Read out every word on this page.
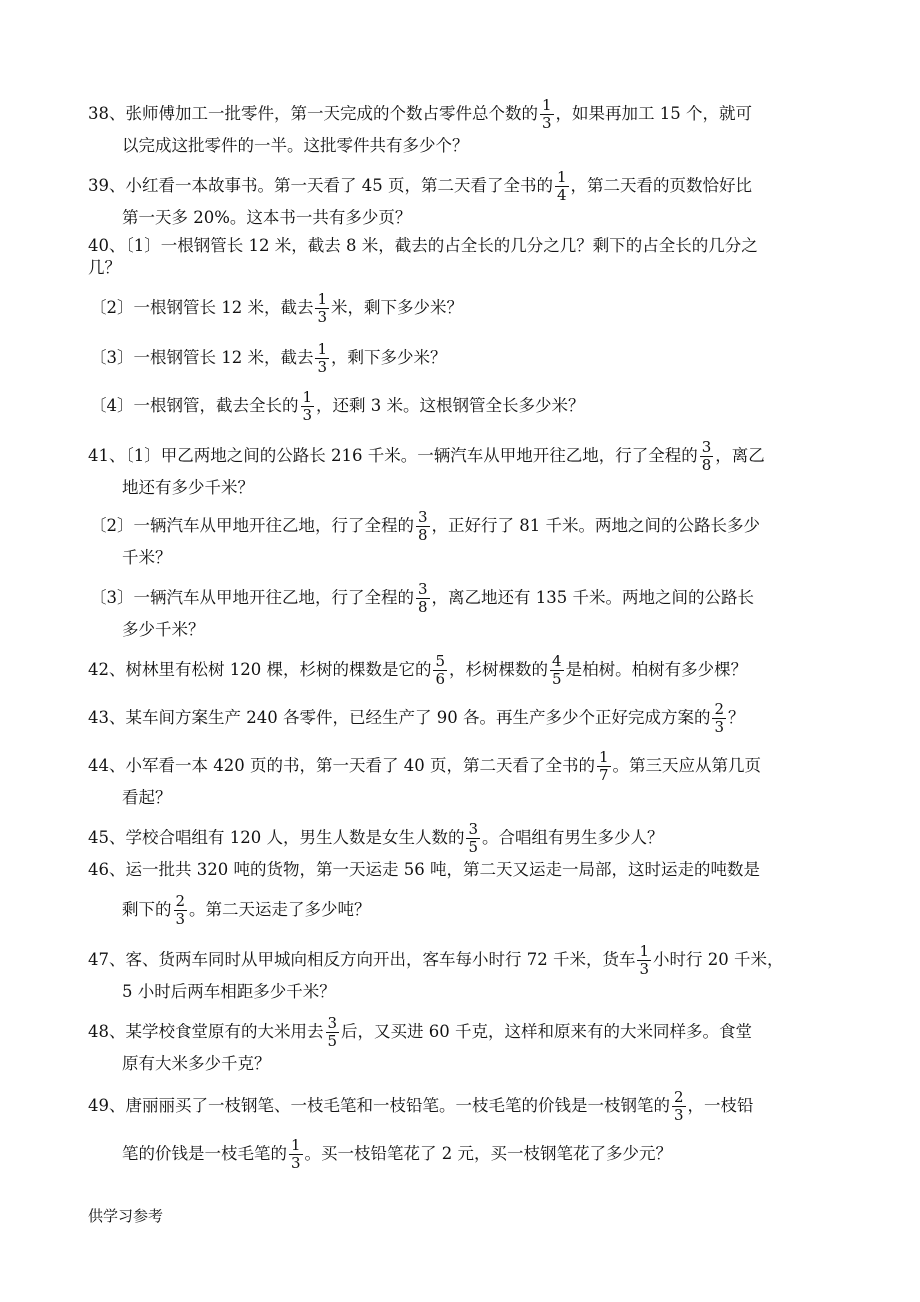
38、张师傅加工一批零件，第一天完成的个数占零件总个数的 $\frac{1}{3}$ ，如果再加工 15 个，就可
以完成这批零件的一半。这批零件共有多少个？
39、小红看一本故事书。第一天看了 45 页，第二天看了全书的 $\frac{1}{4}$ ，第二天看的页数恰好比
第一天多 20%。这本书一共有多少页？
40、〔1〕一根钢管长 12 米，截去 8 米，截去的占全长的几分之几？剩下的占全长的几分之
几？
〔2〕一根钢管长 12 米，截去 $\frac{1}{3}$ 米，剩下多少米？
〔3〕一根钢管长 12 米，截去 $\frac{1}{3}$ ，剩下多少米？
〔4〕一根钢管，截去全长的 $\frac{1}{3}$ ，还剩 3 米。这根钢管全长多少米？
41、〔1〕甲乙两地之间的公路长 216 千米。一辆汽车从甲地开往乙地，行了全程的 $\frac{3}{8}$ ，离乙
地还有多少千米？
〔2〕一辆汽车从甲地开往乙地，行了全程的 $\frac{3}{8}$ ，正好行了 81 千米。两地之间的公路长多少
千米？
〔3〕一辆汽车从甲地开往乙地，行了全程的 $\frac{3}{8}$ ，离乙地还有 135 千米。两地之间的公路长
多少千米？
42、树林里有松树 120 棵，杉树的棵数是它的 $\frac{5}{6}$ ，杉树棵数的 $\frac{4}{5}$ 是柏树。柏树有多少棵？
43、某车间方案生产 240 各零件，已经生产了 90 各。再生产多少个正好完成方案的 $\frac{2}{3}$ ？
44、小军看一本 420 页的书，第一天看了 40 页，第二天看了全书的 $\frac{1}{7}$ 。第三天应从第几页
看起？
45、学校合唱组有 120 人，男生人数是女生人数的 $\frac{3}{5}$ 。合唱组有男生多少人？
46、运一批共 320 吨的货物，第一天运走 56 吨，第二天又运走一局部，这时运走的吨数是
剩下的 $\frac{2}{3}$ 。第二天运走了多少吨？
47、客、货两车同时从甲城向相反方向开出，客车每小时行 72 千米，货车 $\frac{1}{3}$ 小时行 20 千米，
5 小时后两车相距多少千米？
48、某学校食堂原有的大米用去 $\frac{3}{5}$ 后，又买进 60 千克，这样和原来有的大米同样多。食堂
原有大米多少千克？
49、唐丽丽买了一枝钢笔、一枝毛笔和一枝铅笔。一枝毛笔的价钱是一枝钢笔的 $\frac{2}{3}$ ，一枝铅
笔的价钱是一枝毛笔的 $\frac{1}{3}$ 。买一枝铅笔花了 2 元，买一枝钢笔花了多少元？
供学习参考
